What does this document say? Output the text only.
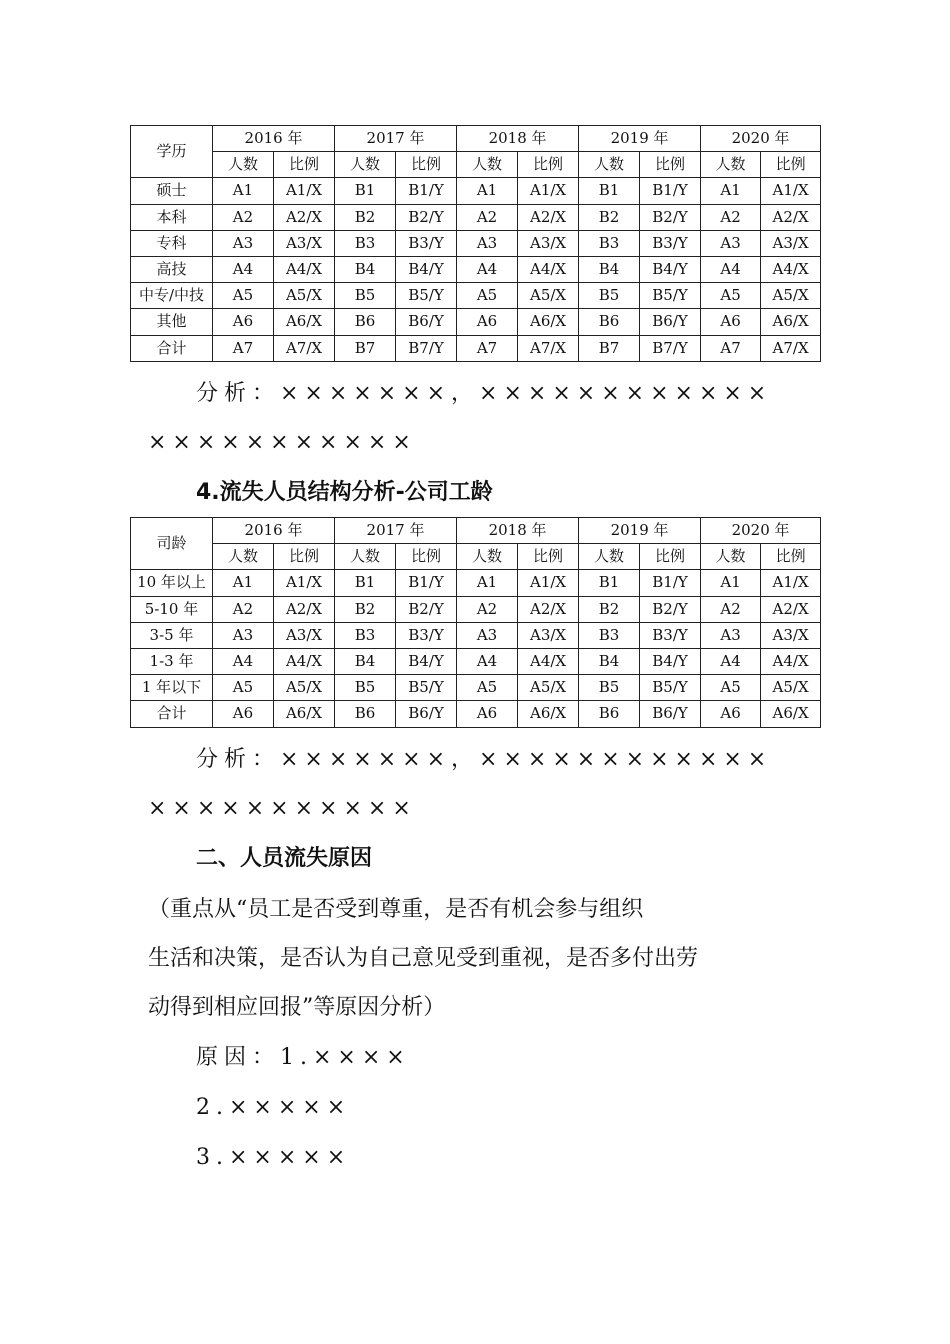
学历	2016 年		2017 年		2018 年		2019 年		2020 年	
	人数	比例	人数	比例	人数	比例	人数	比例	人数	比例
硕士	A1	A1/X	B1	B1/Y	A1	A1/X	B1	B1/Y	A1	A1/X
本科	A2	A2/X	B2	B2/Y	A2	A2/X	B2	B2/Y	A2	A2/X
专科	A3	A3/X	B3	B3/Y	A3	A3/X	B3	B3/Y	A3	A3/X
高技	A4	A4/X	B4	B4/Y	A4	A4/X	B4	B4/Y	A4	A4/X
中专/中技	A5	A5/X	B5	B5/Y	A5	A5/X	B5	B5/Y	A5	A5/X
其他	A6	A6/X	B6	B6/Y	A6	A6/X	B6	B6/Y	A6	A6/X
合计	A7	A7/X	B7	B7/Y	A7	A7/X	B7	B7/Y	A7	A7/X
分析：×××××××，××××××××××××
×××××××××××
4.流失人员结构分析-公司工龄
司龄	2016 年		2017 年		2018 年		2019 年		2020 年	
	人数	比例	人数	比例	人数	比例	人数	比例	人数	比例
10 年以上	A1	A1/X	B1	B1/Y	A1	A1/X	B1	B1/Y	A1	A1/X
5-10 年	A2	A2/X	B2	B2/Y	A2	A2/X	B2	B2/Y	A2	A2/X
3-5 年	A3	A3/X	B3	B3/Y	A3	A3/X	B3	B3/Y	A3	A3/X
1-3 年	A4	A4/X	B4	B4/Y	A4	A4/X	B4	B4/Y	A4	A4/X
1 年以下	A5	A5/X	B5	B5/Y	A5	A5/X	B5	B5/Y	A5	A5/X
合计	A6	A6/X	B6	B6/Y	A6	A6/X	B6	B6/Y	A6	A6/X
分析：×××××××，××××××××××××
×××××××××××
二、人员流失原因
（重点从“员工是否受到尊重，是否有机会参与组织
生活和决策，是否认为自己意见受到重视，是否多付出劳
动得到相应回报”等原因分析）
原因：1.××××
2.×××××
3.×××××
